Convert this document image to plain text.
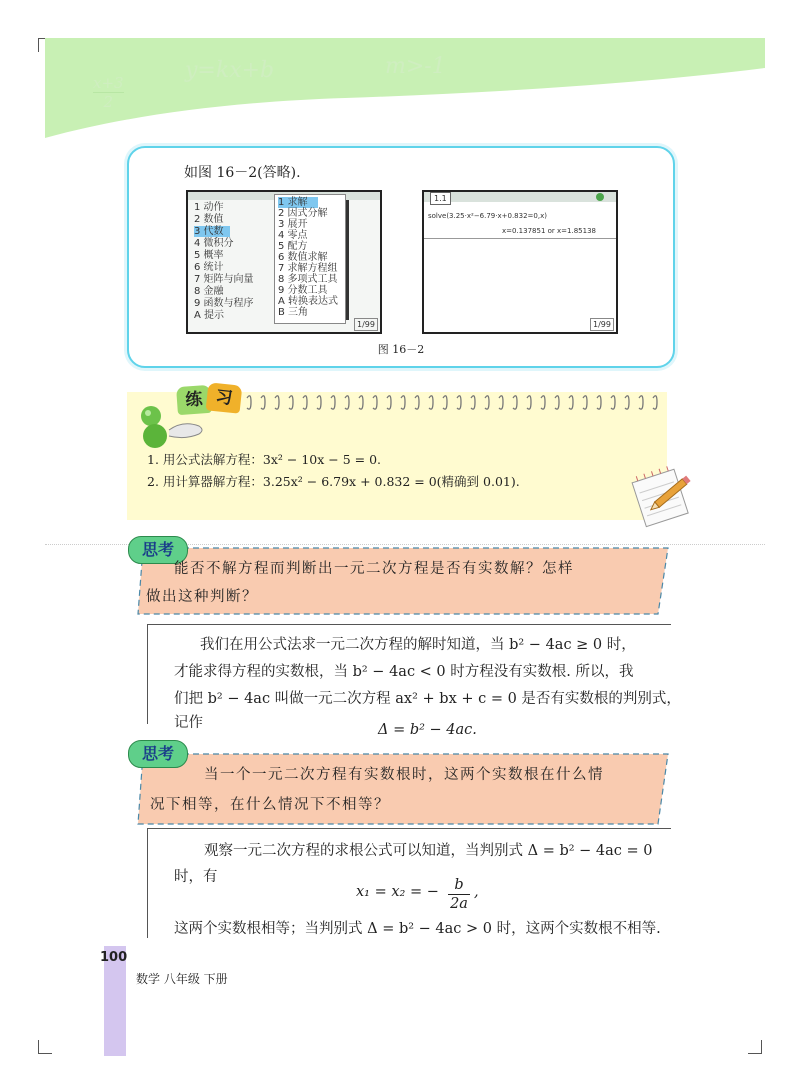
x+3
2
y=kx+b	m>-1
如图 16－2(答略).
1 动作
2 数值
3 代数
4 微积分
5 概率
6 统计
7 矩阵与向量
8 金融
9 函数与程序
A 提示
1 求解
2 因式分解
3 展开
4 零点
5 配方
6 数值求解
7 求解方程组
8 多项式工具
9 分数工具
A 转换表达式
B 三角
1/99
1.1
solve(3.25·x²−6.79·x+0.832=0,x)
x=0.137851 or x=1.85138
1/99
图 16－2
练 习
1. 用公式法解方程：3x² − 10x − 5 = 0.
2. 用计算器解方程：3.25x² − 6.79x + 0.832 = 0(精确到 0.01).
思考
能否不解方程而判断出一元二次方程是否有实数解？怎样
做出这种判断？
我们在用公式法求一元二次方程的解时知道，当 b² − 4ac ≥ 0 时，
才能求得方程的实数根，当 b² − 4ac < 0 时方程没有实数根. 所以，我
们把 b² − 4ac 叫做一元二次方程 ax² + bx + c = 0 是否有实数根的判别式，
记作	Δ = b² − 4ac.
思考
当一个一元二次方程有实数根时，这两个实数根在什么情
况下相等，在什么情况下不相等？
观察一元二次方程的求根公式可以知道，当判别式 Δ = b² − 4ac = 0
时，有
x₁ = x₂ = −	b
2a
,
这两个实数根相等；当判别式 Δ = b² − 4ac > 0 时，这两个实数根不相等.
100
数学 八年级 下册
